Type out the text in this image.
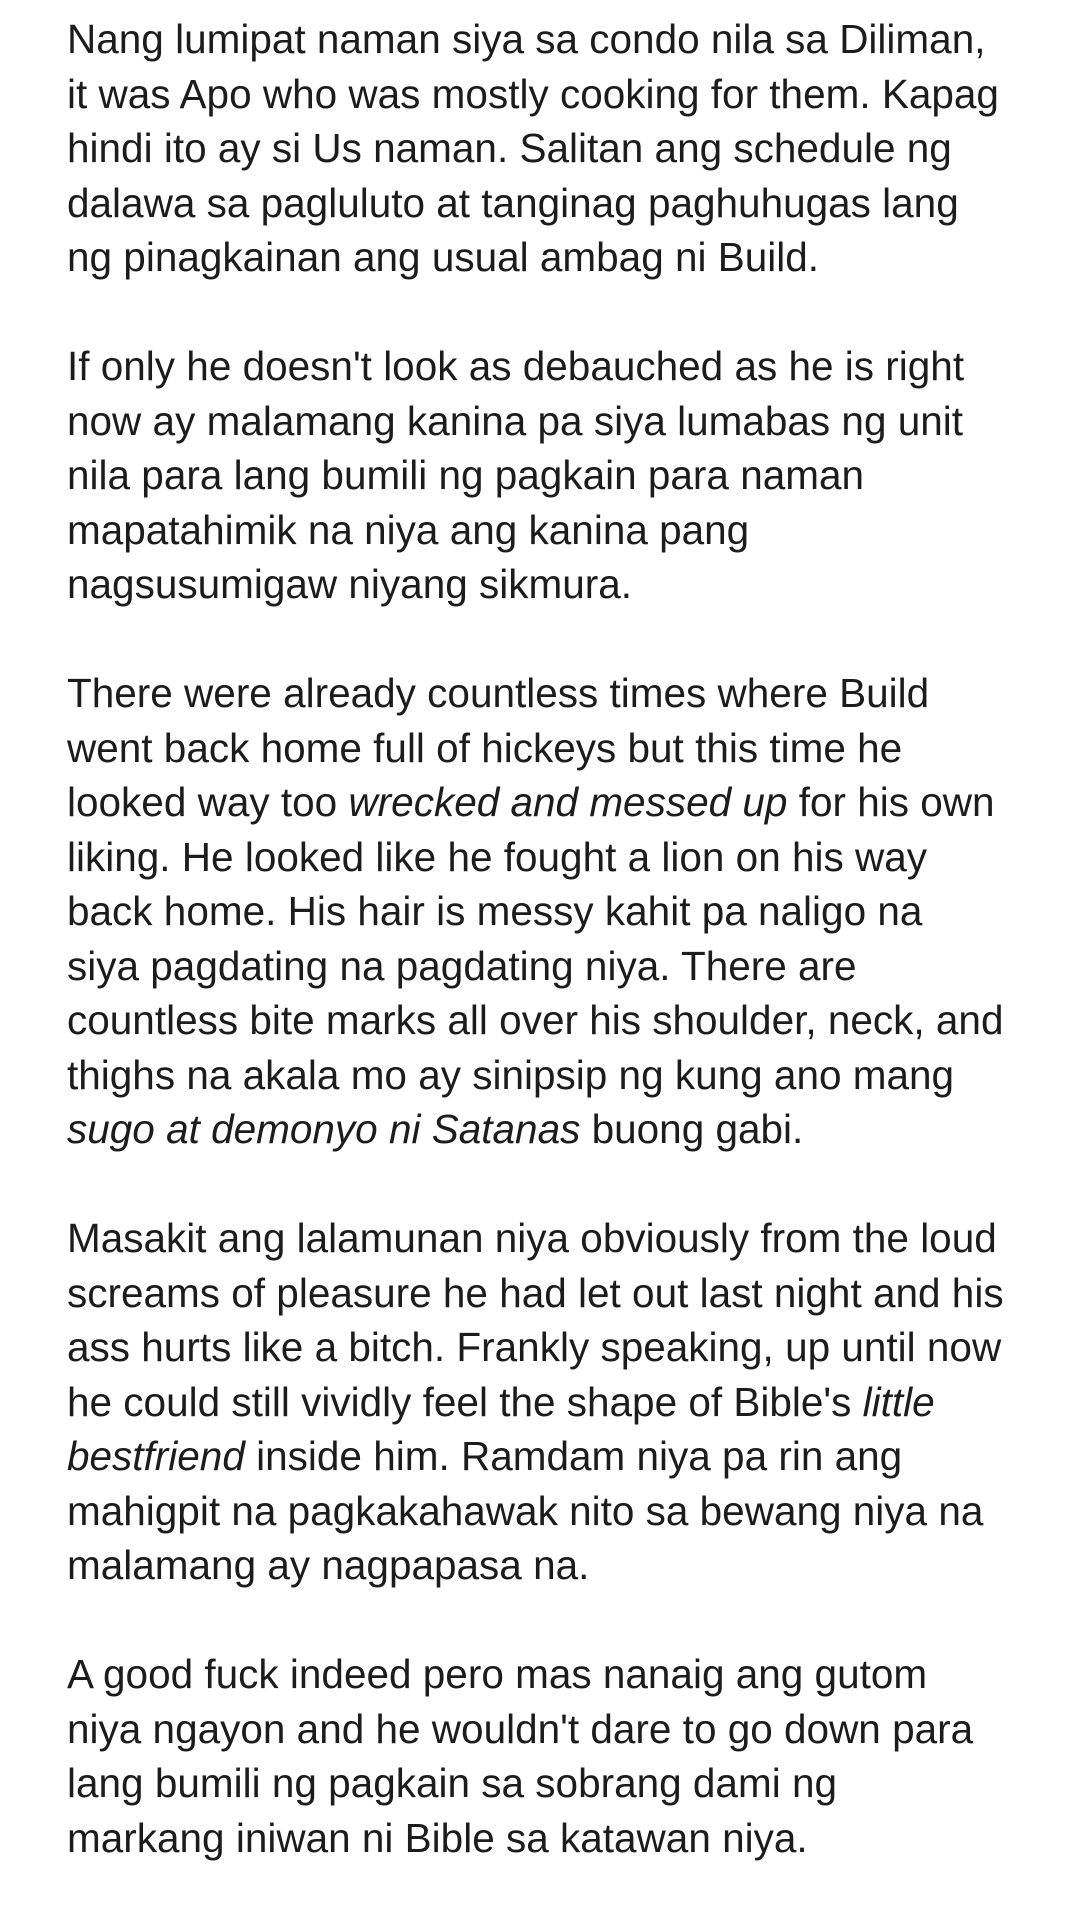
Nang lumipat naman siya sa condo nila sa Diliman,
it was Apo who was mostly cooking for them. Kapag
hindi ito ay si Us naman. Salitan ang schedule ng
dalawa sa pagluluto at tanginag paghuhugas lang
ng pinagkainan ang usual ambag ni Build.

If only he doesn't look as debauched as he is right
now ay malamang kanina pa siya lumabas ng unit
nila para lang bumili ng pagkain para naman
mapatahimik na niya ang kanina pang
nagsusumigaw niyang sikmura.

There were already countless times where Build
went back home full of hickeys but this time he
looked way too wrecked and messed up for his own
liking. He looked like he fought a lion on his way
back home. His hair is messy kahit pa naligo na
siya pagdating na pagdating niya. There are
countless bite marks all over his shoulder, neck, and
thighs na akala mo ay sinipsip ng kung ano mang
sugo at demonyo ni Satanas buong gabi.

Masakit ang lalamunan niya obviously from the loud
screams of pleasure he had let out last night and his
ass hurts like a bitch. Frankly speaking, up until now
he could still vividly feel the shape of Bible's little
bestfriend inside him. Ramdam niya pa rin ang
mahigpit na pagkakahawak nito sa bewang niya na
malamang ay nagpapasa na.

A good fuck indeed pero mas nanaig ang gutom
niya ngayon and he wouldn't dare to go down para
lang bumili ng pagkain sa sobrang dami ng
markang iniwan ni Bible sa katawan niya.
